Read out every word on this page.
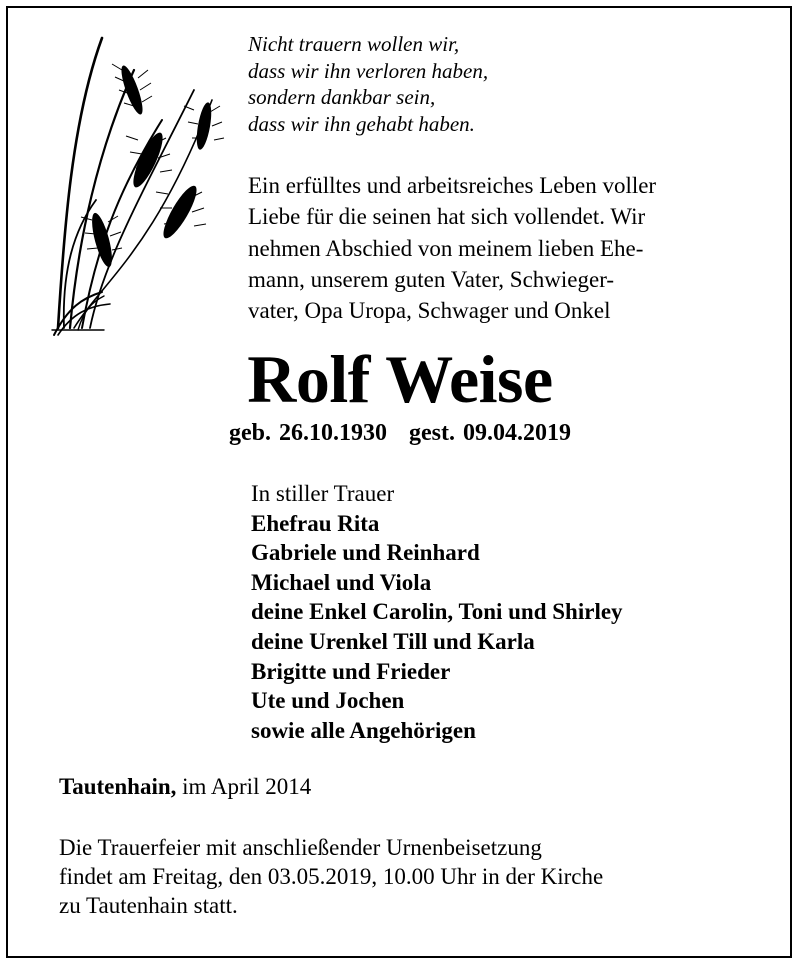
Nicht trauern wollen wir,
dass wir ihn verloren haben,
sondern dankbar sein,
dass wir ihn gehabt haben.
Ein erfülltes und arbeitsreiches Leben voller
Liebe für die seinen hat sich vollendet. Wir
nehmen Abschied von meinem lieben Ehe-
mann, unserem guten Vater, Schwieger-
vater, Opa Uropa, Schwager und Onkel
Rolf Weise
geb. 26.10.1930 gest. 09.04.2019
In stiller Trauer
Ehefrau Rita
Gabriele und Reinhard
Michael und Viola
deine Enkel Carolin, Toni und Shirley
deine Urenkel Till und Karla
Brigitte und Frieder
Ute und Jochen
sowie alle Angehörigen
Tautenhain, im April 2014
Die Trauerfeier mit anschließender Urnenbeisetzung
findet am Freitag, den 03.05.2019, 10.00 Uhr in der Kirche
zu Tautenhain statt.
